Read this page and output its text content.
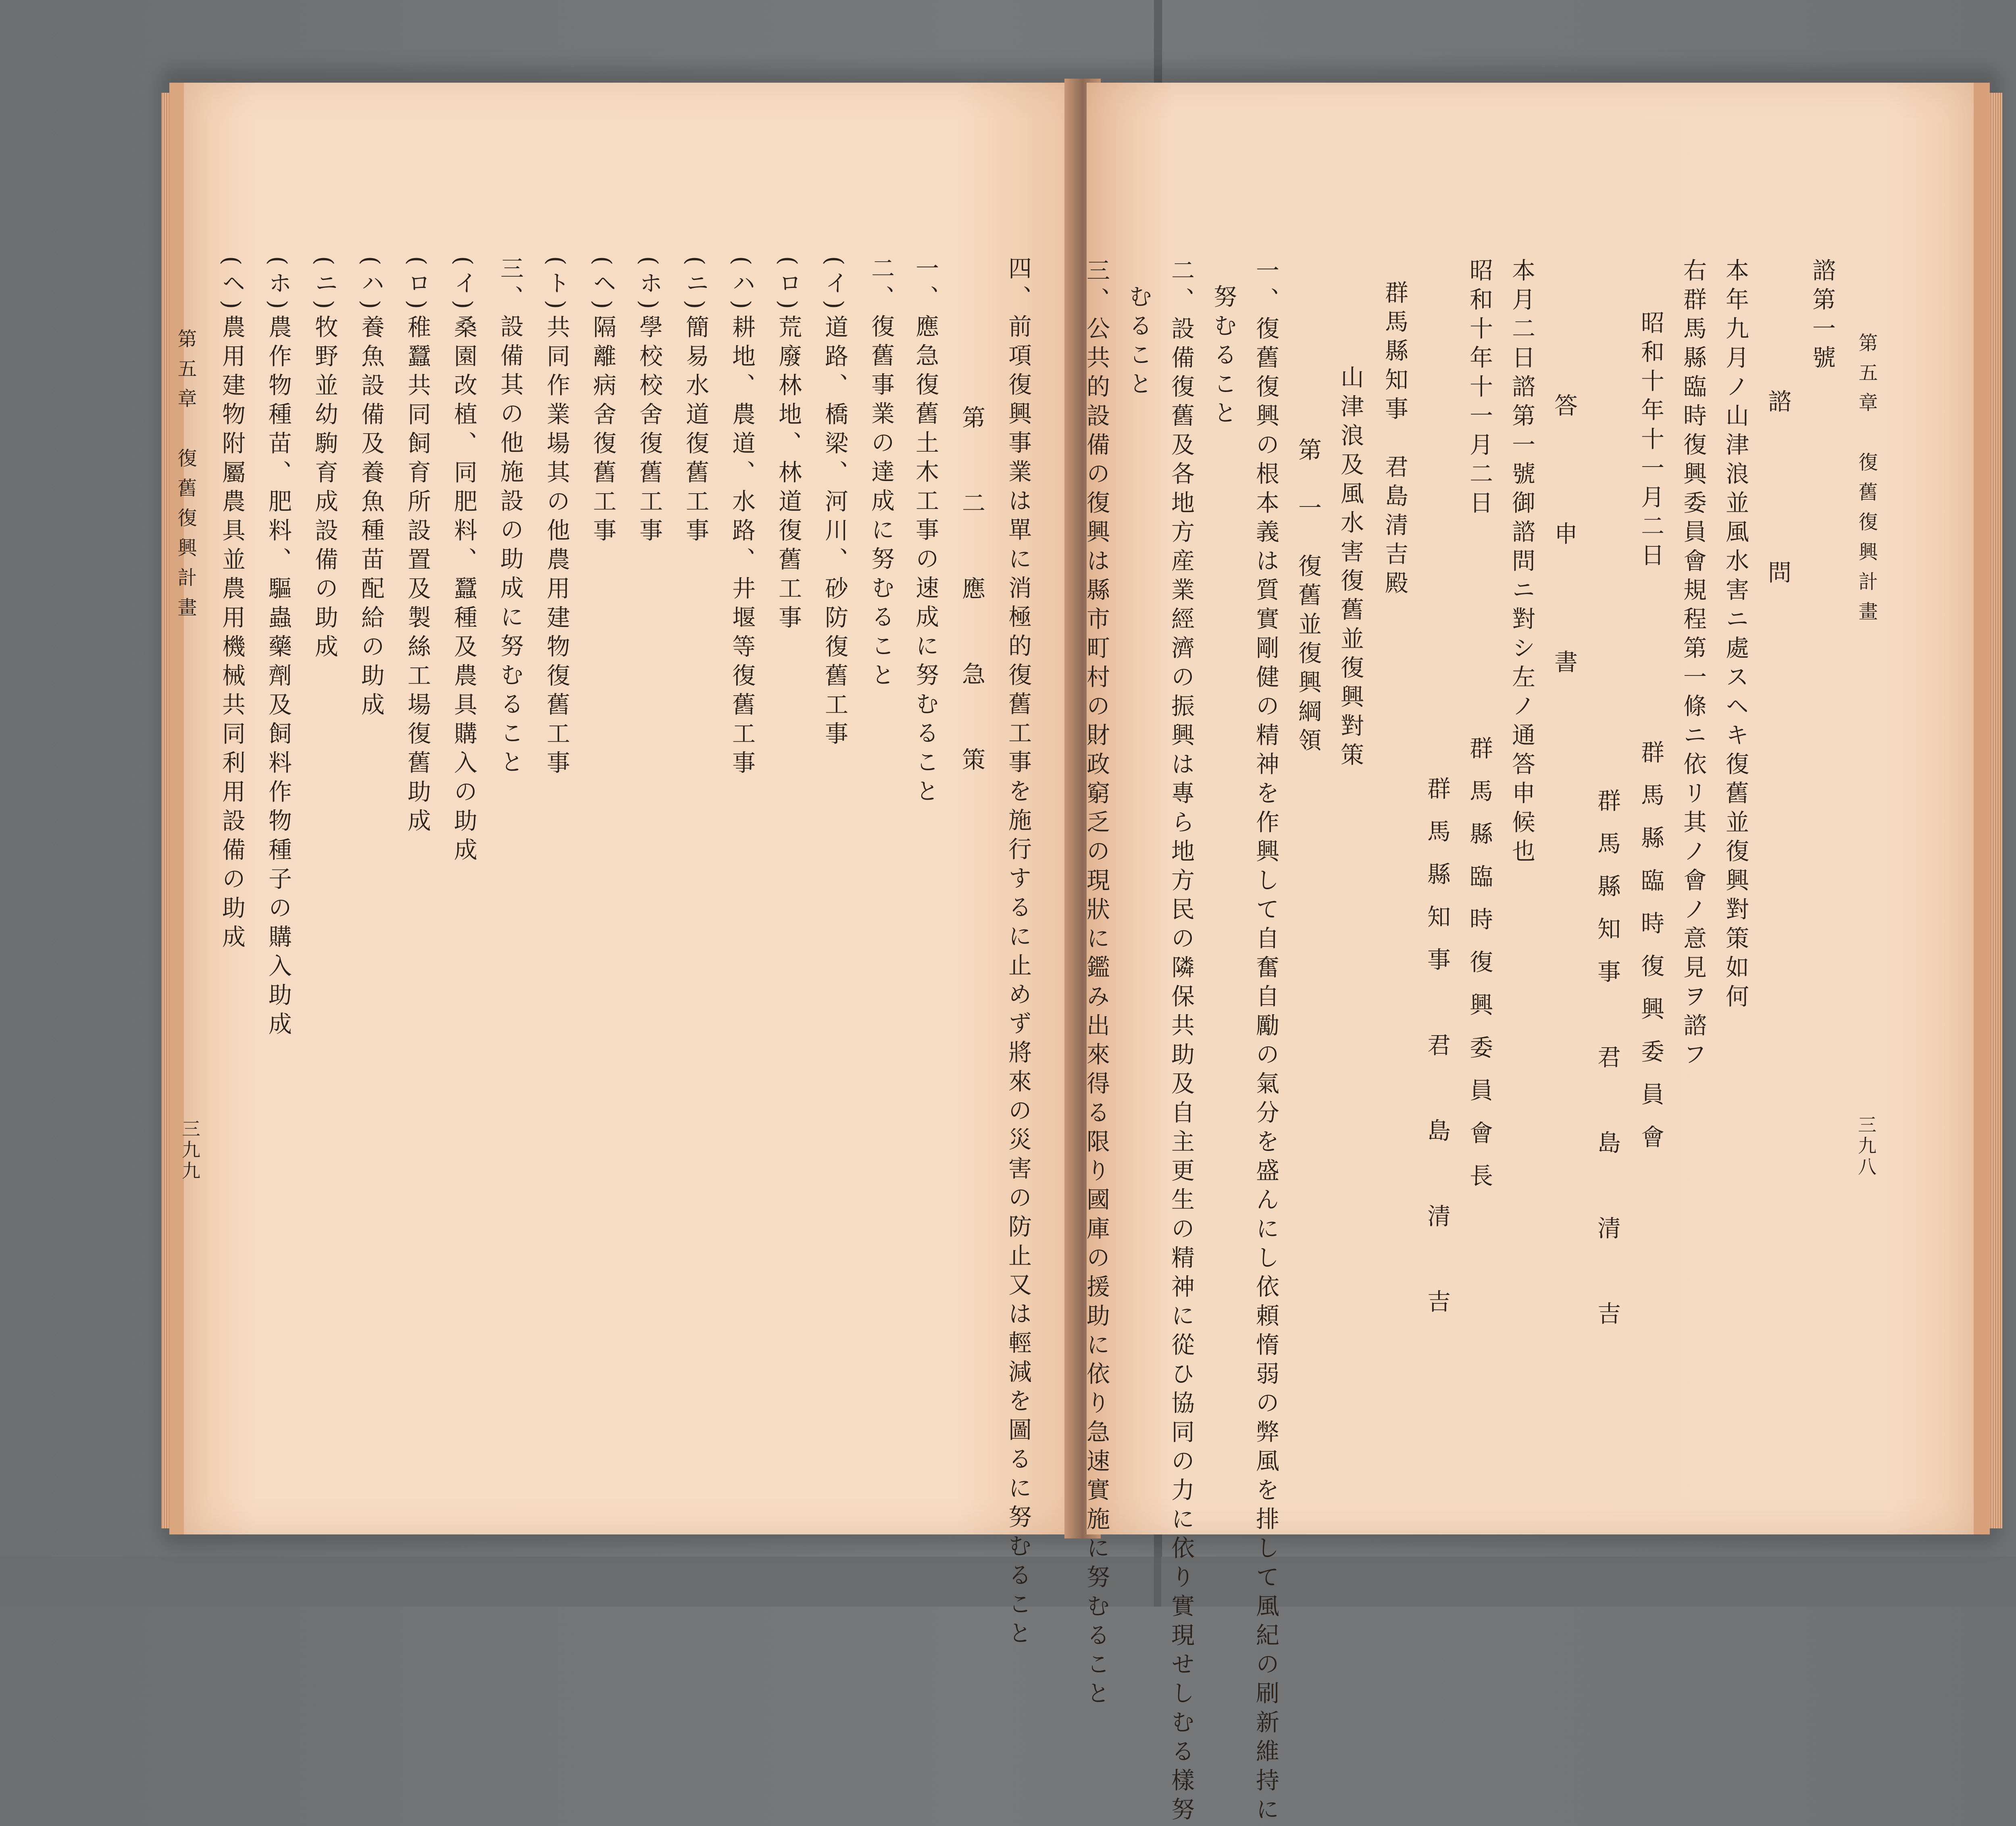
四、前項復興事業は單に消極的復舊工事を施行するに止めず將來の災害の防止又は輕減を圖るに努むること
第　二　應　急　策
一、應急復舊土木工事の速成に努むること
二、復舊事業の達成に努むること
(イ)道路、橋梁、河川、砂防復舊工事
(ロ)荒廢林地、林道復舊工事
(ハ)耕地、農道、水路、井堰等復舊工事
(ニ)簡易水道復舊工事
(ホ)學校校舍復舊工事
(ヘ)隔離病舍復舊工事
(ト)共同作業場其の他農用建物復舊工事
三、設備其の他施設の助成に努むること
(イ)桑園改植、同肥料、蠶種及農具購入の助成
(ロ)稚蠶共同飼育所設置及製絲工場復舊助成
(ハ)養魚設備及養魚種苗配給の助成
(ニ)牧野並幼駒育成設備の助成
(ホ)農作物種苗、肥料、驅蟲藥劑及飼料作物種子の購入助成
(ヘ)農用建物附屬農具並農用機械共同利用設備の助成
第五章　復舊復興計畫
三九九
第五章　復舊復興計畫
諮第一號
諮　　　問
本年九月ノ山津浪並風水害ニ處スヘキ復舊並復興對策如何
右群馬縣臨時復興委員會規程第一條ニ依リ其ノ會ノ意見ヲ諮フ
昭和十年十一月二日
群馬縣臨時復興委員會
群馬縣知事　君　島　清　吉
答　　申　　書
本月二日諮第一號御諮問ニ對シ左ノ通答申候也
昭和十年十一月二日
群馬縣臨時復興委員會長
群馬縣知事　君　島　清　吉
群馬縣知事　君島清吉殿
山津浪及風水害復舊並復興對策
第　一　復舊並復興綱領
一、復舊復興の根本義は質實剛健の精神を作興して自奮自勵の氣分を盛んにし依頼惰弱の弊風を排して風紀の刷新維持に
努むること
二、設備復舊及各地方産業經濟の振興は專ら地方民の隣保共助及自主更生の精神に從ひ協同の力に依り實現せしむる樣努
むること
三、公共的設備の復興は縣市町村の財政窮乏の現狀に鑑み出來得る限り國庫の援助に依り急速實施に努むること	三九八
